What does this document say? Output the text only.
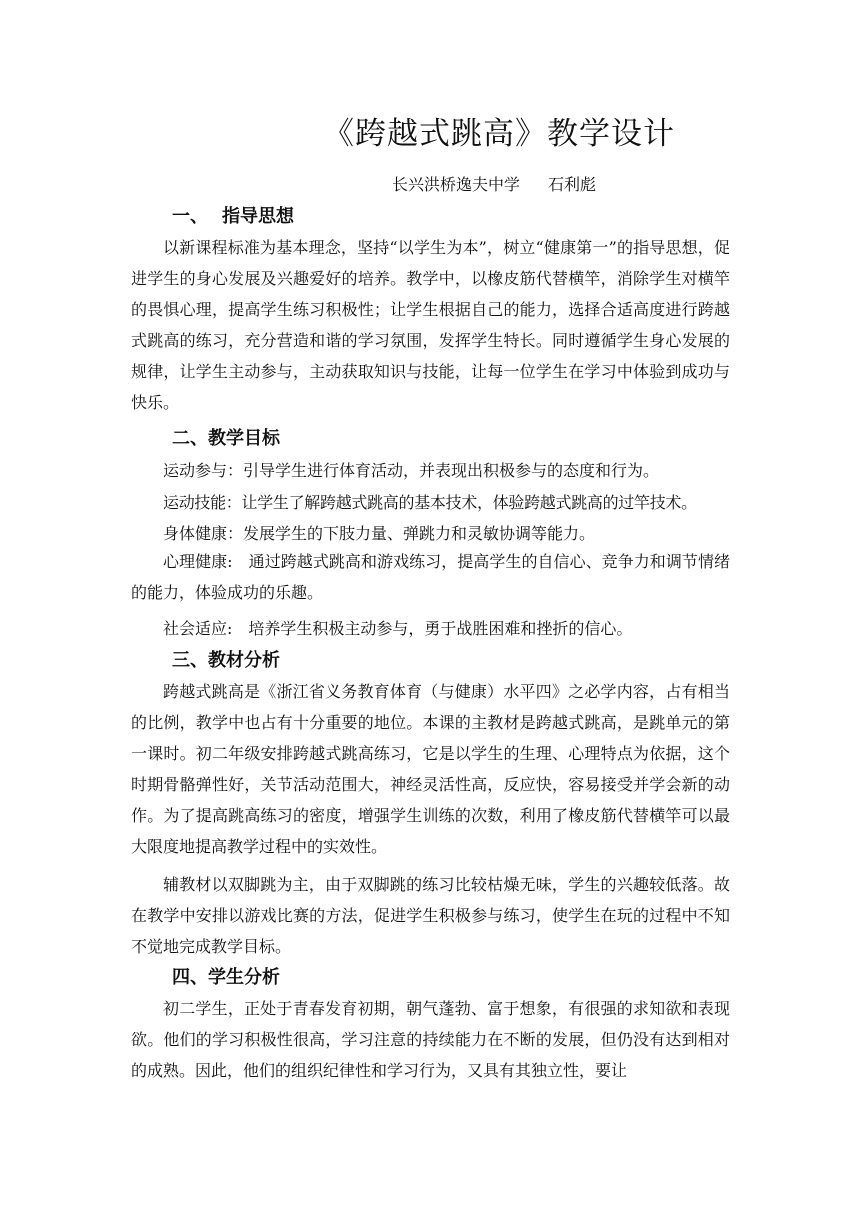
《跨越式跳高》教学设计
长兴洪桥逸夫中学 石利彪
一、 指导思想

以新课程标准为基本理念，坚持“以学生为本”，树立“健康第一”的指导思想，促进学生的身心发展及兴趣爱好的培养。教学中，以橡皮筋代替横竿，消除学生对横竿的畏惧心理，提高学生练习积极性；让学生根据自己的能力，选择合适高度进行跨越式跳高的练习，充分营造和谐的学习氛围，发挥学生特长。同时遵循学生身心发展的规律，让学生主动参与，主动获取知识与技能，让每一位学生在学习中体验到成功与快乐。

二、教学目标
运动参与：引导学生进行体育活动，并表现出积极参与的态度和行为。
运动技能：让学生了解跨越式跳高的基本技术，体验跨越式跳高的过竿技术。
身体健康：发展学生的下肢力量、弹跳力和灵敏协调等能力。

心理健康:　通过跨越式跳高和游戏练习，提高学生的自信心、竞争力和调节情绪的能力，体验成功的乐趣。

社会适应:　培养学生积极主动参与，勇于战胜困难和挫折的信心。
三、教材分析

跨越式跳高是《浙江省义务教育体育（与健康）水平四》之必学内容，占有相当的比例，教学中也占有十分重要的地位。本课的主教材是跨越式跳高，是跳单元的第一课时。初二年级安排跨越式跳高练习，它是以学生的生理、心理特点为依据，这个时期骨骼弹性好，关节活动范围大，神经灵活性高，反应快，容易接受并学会新的动作。为了提高跳高练习的密度，增强学生训练的次数，利用了橡皮筋代替横竿可以最大限度地提高教学过程中的实效性。

辅教材以双脚跳为主，由于双脚跳的练习比较枯燥无味，学生的兴趣较低落。故在教学中安排以游戏比赛的方法，促进学生积极参与练习，使学生在玩的过程中不知不觉地完成教学目标。

四、学生分析

初二学生，正处于青春发育初期，朝气蓬勃、富于想象，有很强的求知欲和表现欲。他们的学习积极性很高，学习注意的持续能力在不断的发展，但仍没有达到相对的成熟。因此，他们的组织纪律性和学习行为，又具有其独立性，要让
